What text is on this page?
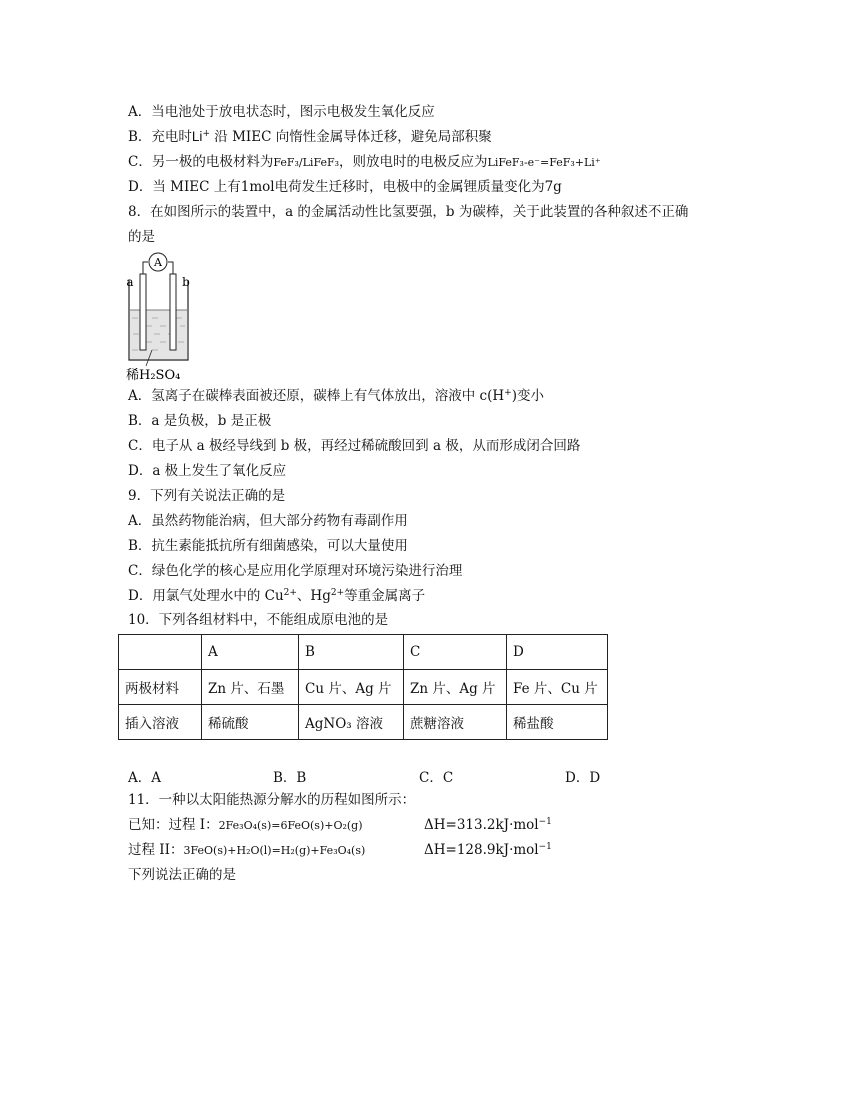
A．当电池处于放电状态时，图示电极发生氧化反应
B．充电时Li+ 沿 MIEC 向惰性金属导体迁移，避免局部积聚
C．另一极的电极材料为FeF₃/LiFeF₃，则放电时的电极反应为LiFeF₃-e⁻=FeF₃+Li⁺
D．当 MIEC 上有1mol电荷发生迁移时，电极中的金属锂质量变化为7g
8．在如图所示的装置中，a 的金属活动性比氢要强，b 为碳棒，关于此装置的各种叙述不正确
的是
A
a	b
稀H₂SO₄
A．氢离子在碳棒表面被还原，碳棒上有气体放出，溶液中 c(H+)变小
B．a 是负极，b 是正极
C．电子从 a 极经导线到 b 极，再经过稀硫酸回到 a 极，从而形成闭合回路
D．a 极上发生了氧化反应
9．下列有关说法正确的是
A．虽然药物能治病，但大部分药物有毒副作用
B．抗生素能抵抗所有细菌感染，可以大量使用
C．绿色化学的核心是应用化学原理对环境污染进行治理
D．用氯气处理水中的 $Cu^{2+}$、$Hg^{2+}$等重金属离子
10．下列各组材料中，不能组成原电池的是
	A	B	C	D
两极材料	Zn 片、石墨	Cu 片、Ag 片	Zn 片、Ag 片	Fe 片、Cu 片
插入溶液	稀硫酸	AgNO₃ 溶液	蔗糖溶液	稀盐酸
A．A	B．B	C．C	D．D
11．一种以太阳能热源分解水的历程如图所示：
已知：过程 I：2Fe₃O₄(s)=6FeO(s)+O₂(g)	ΔH=313.2kJ·mol$^{-1}$
过程 II：3FeO(s)+H₂O(l)=H₂(g)+Fe₃O₄(s)	ΔH=128.9kJ·mol$^{-1}$
下列说法正确的是
